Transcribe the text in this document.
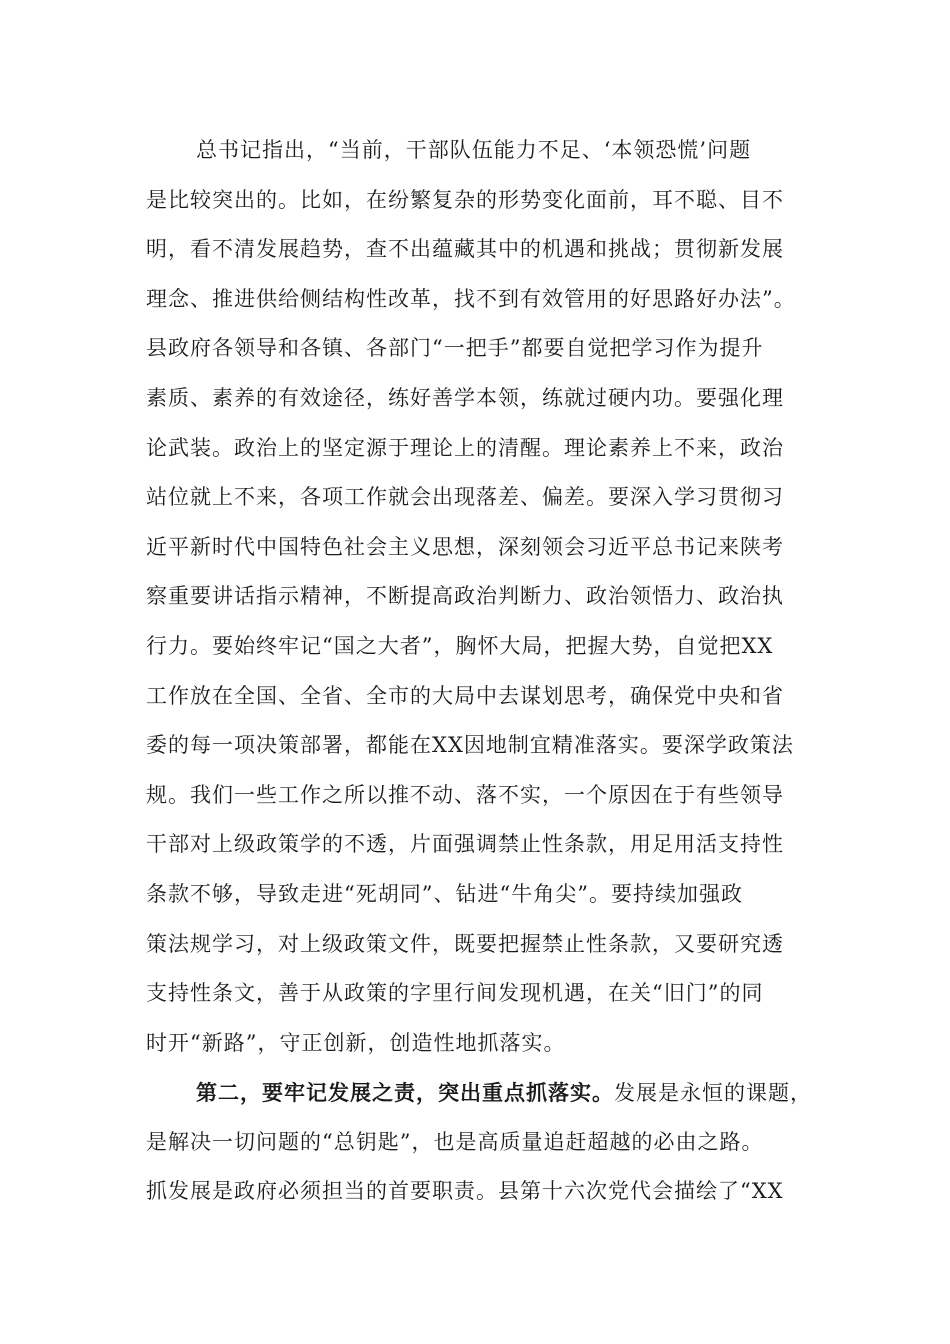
总书记指出，“当前，干部队伍能力不足、‘本领恐慌’问题
是比较突出的。比如，在纷繁复杂的形势变化面前，耳不聪、目不
明，看不清发展趋势，查不出蕴藏其中的机遇和挑战；贯彻新发展
理念、推进供给侧结构性改革，找不到有效管用的好思路好办法”。
县政府各领导和各镇、各部门“一把手”都要自觉把学习作为提升
素质、素养的有效途径，练好善学本领，练就过硬内功。要强化理
论武装。政治上的坚定源于理论上的清醒。理论素养上不来，政治
站位就上不来，各项工作就会出现落差、偏差。要深入学习贯彻习
近平新时代中国特色社会主义思想，深刻领会习近平总书记来陕考
察重要讲话指示精神，不断提高政治判断力、政治领悟力、政治执
行力。要始终牢记“国之大者”，胸怀大局，把握大势，自觉把XX
工作放在全国、全省、全市的大局中去谋划思考，确保党中央和省
委的每一项决策部署，都能在XX因地制宜精准落实。要深学政策法
规。我们一些工作之所以推不动、落不实，一个原因在于有些领导
干部对上级政策学的不透，片面强调禁止性条款，用足用活支持性
条款不够，导致走进“死胡同”、钻进“牛角尖”。要持续加强政
策法规学习，对上级政策文件，既要把握禁止性条款，又要研究透
支持性条文，善于从政策的字里行间发现机遇，在关“旧门”的同
时开“新路”，守正创新，创造性地抓落实。

第二，要牢记发展之责，突出重点抓落实。发展是永恒的课题，
是解决一切问题的“总钥匙”，也是高质量追赶超越的必由之路。
抓发展是政府必须担当的首要职责。县第十六次党代会描绘了“XX
